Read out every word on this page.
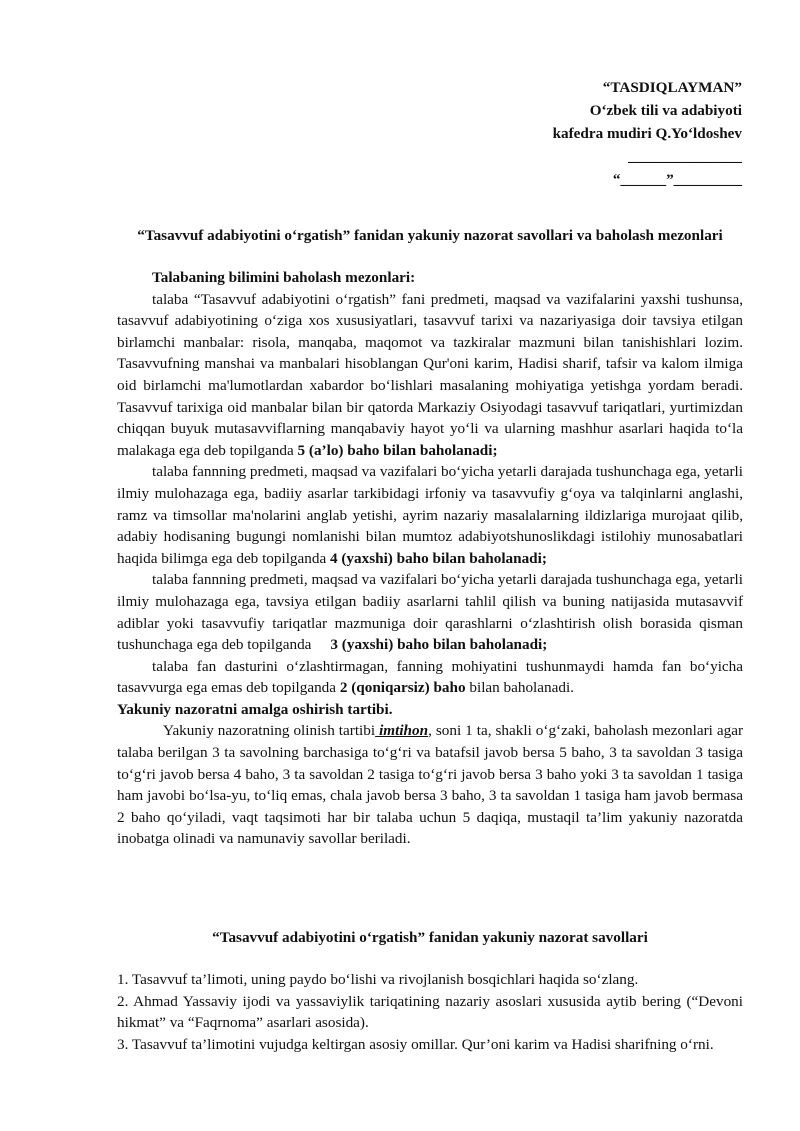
“TASDIQLAYMAN”
O‘zbek tili va adabiyoti
kafedra mudiri Q.Yo‘ldoshev
_______________
“______”_________
“Tasavvuf adabiyotini o‘rgatish” fanidan yakuniy nazorat savollari va baholash mezonlari

Talabaning bilimini baholash mezonlari:

talaba “Tasavvuf adabiyotini o‘rgatish” fani predmeti, maqsad va vazifalarini yaxshi tushunsa, tasavvuf adabiyotining o‘ziga xos xususiyatlari, tasavvuf tarixi va nazariyasiga doir tavsiya etilgan birlamchi manbalar: risola, manqaba, maqomot va tazkiralar mazmuni bilan tanishishlari lozim. Tasavvufning manshai va manbalari hisoblangan Qur'oni karim, Hadisi sharif, tafsir va kalom ilmiga oid birlamchi ma'lumotlardan xabardor bo‘lishlari masalaning mohiyatiga yetishga yordam beradi. Tasavvuf tarixiga oid manbalar bilan bir qatorda Markaziy Osiyodagi tasavvuf tariqatlari, yurtimizdan chiqqan buyuk mutasavviflarning manqabaviy hayot yo‘li va ularning mashhur asarlari haqida to‘la malakaga ega deb topilganda 5 (a’lo) baho bilan baholanadi;

talaba fannning predmeti, maqsad va vazifalari bo‘yicha yetarli darajada tushunchaga ega, yetarli ilmiy mulohazaga ega, badiiy asarlar tarkibidagi irfoniy va tasavvufiy g‘oya va talqinlarni anglashi, ramz va timsollar ma'nolarini anglab yetishi, ayrim nazariy masalalarning ildizlariga murojaat qilib, adabiy hodisaning bugungi nomlanishi bilan mumtoz adabiyotshunoslikdagi istilohiy munosabatlari haqida bilimga ega deb topilganda 4 (yaxshi) baho bilan baholanadi;

talaba fannning predmeti, maqsad va vazifalari bo‘yicha yetarli darajada tushunchaga ega, yetarli ilmiy mulohazaga ega, tavsiya etilgan badiiy asarlarni tahlil qilish va buning natijasida mutasavvif adiblar yoki tasavvufiy tariqatlar mazmuniga doir qarashlarni o‘zlashtirish olish borasida qisman tushunchaga ega deb topilganda     3 (yaxshi) baho bilan baholanadi;

talaba fan dasturini o‘zlashtirmagan, fanning mohiyatini tushunmaydi hamda fan bo‘yicha tasavvurga ega emas deb topilganda 2 (qoniqarsiz) baho bilan baholanadi.

Yakuniy nazoratni amalga oshirish tartibi.

Yakuniy nazoratning olinish tartibi imtihon, soni 1 ta, shakli o‘g‘zaki, baholash mezonlari agar talaba berilgan 3 ta savolning barchasiga to‘g‘ri va batafsil javob bersa 5 baho, 3 ta savoldan 3 tasiga to‘g‘ri javob bersa 4 baho, 3 ta savoldan 2 tasiga to‘g‘ri javob bersa 3 baho yoki 3 ta savoldan 1 tasiga ham javobi bo‘lsa-yu, to‘liq emas, chala javob bersa 3 baho, 3 ta savoldan 1 tasiga ham javob bermasa 2 baho qo‘yiladi, vaqt taqsimoti har bir talaba uchun 5 daqiqa, mustaqil ta’lim yakuniy nazoratda inobatga olinadi va namunaviy savollar beriladi.

“Tasavvuf adabiyotini o‘rgatish” fanidan yakuniy nazorat savollari

1. Tasavvuf ta’limoti, uning paydo bo‘lishi va rivojlanish bosqichlari haqida so‘zlang.

2. Ahmad Yassaviy ijodi va yassaviylik tariqatining nazariy asoslari xususida aytib bering (“Devoni hikmat” va “Faqrnoma” asarlari asosida).

3. Tasavvuf ta’limotini vujudga keltirgan asosiy omillar. Qur’oni karim va Hadisi sharifning o‘rni.
